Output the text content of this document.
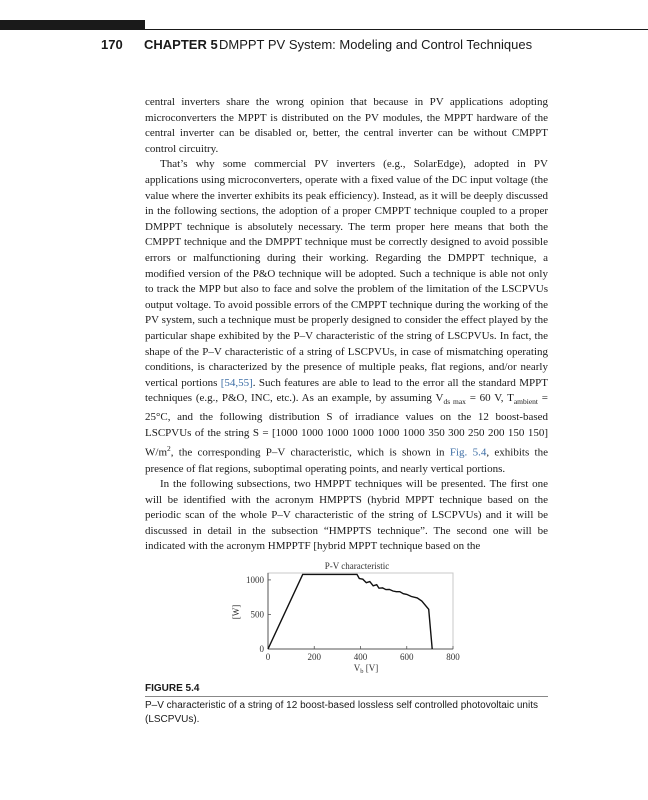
170 CHAPTER 5 DMPPT PV System: Modeling and Control Techniques

central inverters share the wrong opinion that because in PV applications adopting microconverters the MPPT is distributed on the PV modules, the MPPT hardware of the central inverter can be disabled or, better, the central inverter can be without CMPPT control circuitry.

That’s why some commercial PV inverters (e.g., SolarEdge), adopted in PV applications using microconverters, operate with a fixed value of the DC input voltage (the value where the inverter exhibits its peak efficiency). Instead, as it will be deeply discussed in the following sections, the adoption of a proper CMPPT technique coupled to a proper DMPPT technique is absolutely necessary. The term proper here means that both the CMPPT technique and the DMPPT technique must be correctly designed to avoid possible errors or malfunctioning during their working. Regarding the DMPPT technique, a modified version of the P&O technique will be adopted. Such a technique is able not only to track the MPP but also to face and solve the problem of the limitation of the LSCPVUs output voltage. To avoid possible errors of the CMPPT technique during the working of the PV system, such a technique must be properly designed to consider the effect played by the particular shape exhibited by the P–V characteristic of the string of LSCPVUs. In fact, the shape of the P–V characteristic of a string of LSCPVUs, in case of mismatching operating conditions, is characterized by the presence of multiple peaks, flat regions, and/or nearly vertical portions [54,55]. Such features are able to lead to the error all the standard MPPT techniques (e.g., P&O, INC, etc.). As an example, by assuming $V_{ds max} = 60$ V, $T_{ambient} = 25^\circ C$, and the following distribution S of irradiance values on the 12 boost-based LSCPVUs of the string S = [1000 1000 1000 1000 1000 1000 350 300 250 200 150 150] $W/m^2$, the corresponding P–V characteristic, which is shown in Fig. 5.4, exhibits the presence of flat regions, suboptimal operating points, and nearly vertical portions.

In the following subsections, two HMPPT techniques will be presented. The first one will be identified with the acronym HMPPTS (hybrid MPPT technique based on the periodic scan of the whole P–V characteristic of the string of LSCPVUs) and it will be discussed in detail in the subsection “HMPPTS technique”. The second one will be indicated with the acronym HMPPTF [hybrid MPPT technique based on the

0	200	400	600	800
0
500
1000
P-V characteristic
[W]
$V_b$ [V]
FIGURE 5.4
P–V characteristic of a string of 12 boost-based lossless self controlled photovoltaic units (LSCPVUs).
